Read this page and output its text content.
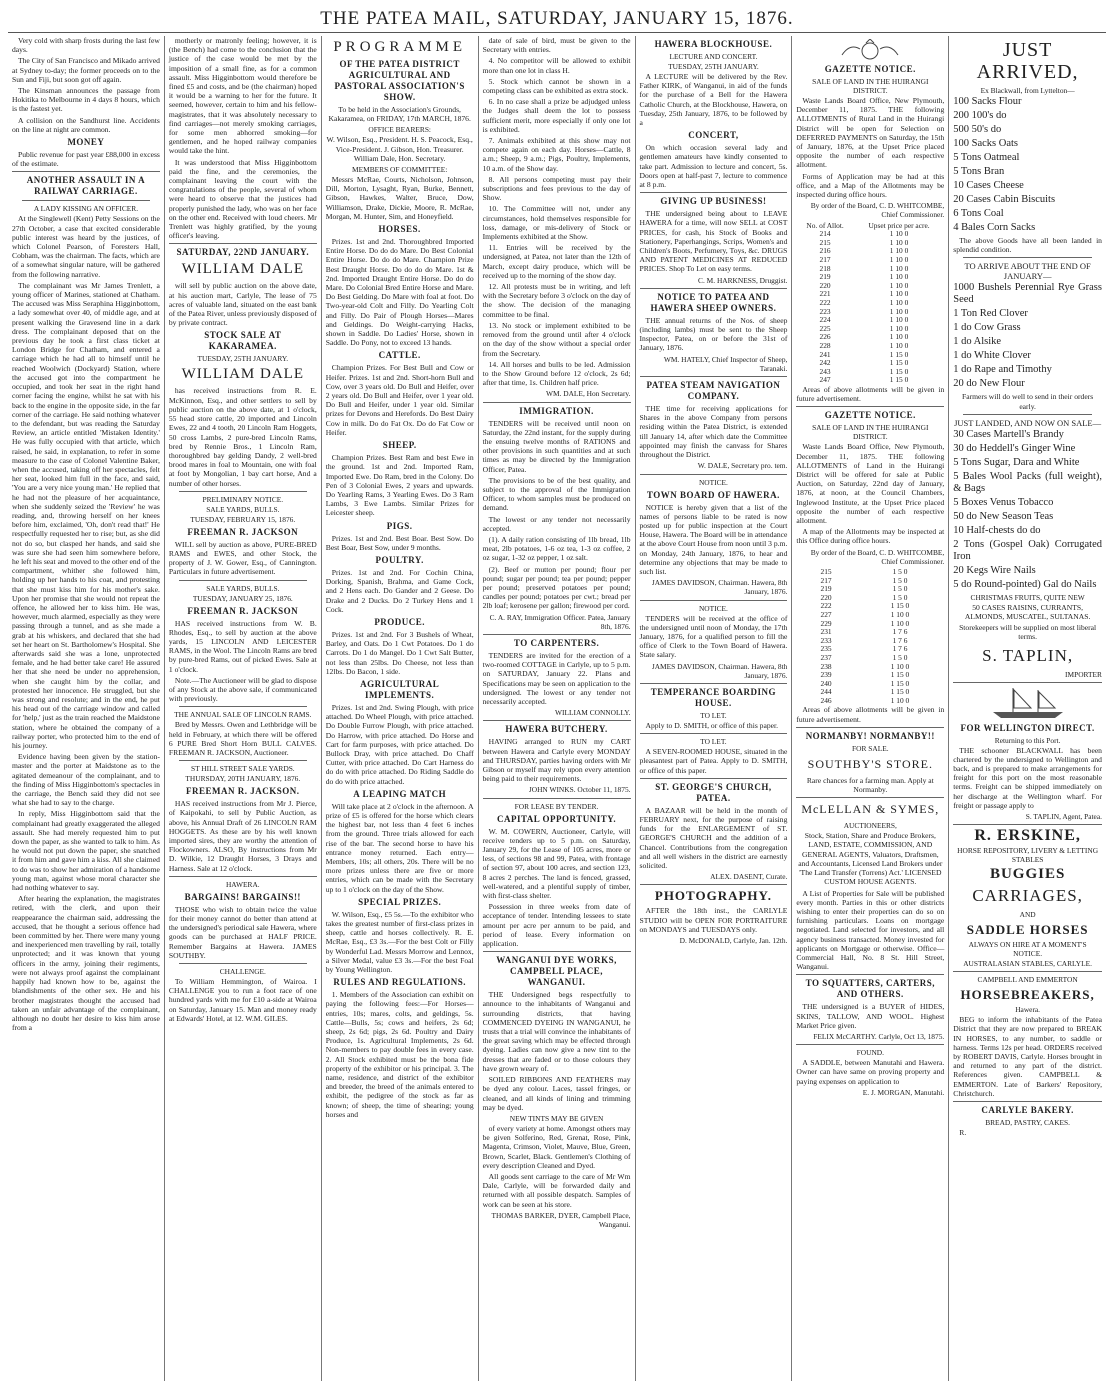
THE PATEA MAIL, SATURDAY, JANUARY 15, 1876.

Very cold with sharp frosts during the last few days.

The City of San Francisco and Mikado arrived at Sydney to-day; the former proceeds on to the Sun and Fiji, but soon got off again.

The Kinsman announces the passage from Hokitika to Melbourne in 4 days 8 hours, which is the fastest yet.

A collision on the Sandhurst line. Accidents on the line at night are common.

MONEY

Public revenue for past year £88,000 in excess of the estimate.

ANOTHER ASSAULT IN A RAILWAY CARRIAGE.
A LADY KISSING AN OFFICER.

At the Singlewell (Kent) Petty Sessions on the 27th October, a case that excited considerable public interest was heard by the justices, of which Colonel Pearson, of Foresters Hall, Cobham, was the chairman. The facts, which are of a somewhat singular nature, will be gathered from the following narrative.

The complainant was Mr James Trenlett, a young officer of Marines, stationed at Chatham. The accused was Miss Seraphina Higginbottom, a lady somewhat over 40, of middle age, and at present walking the Gravesend line in a dark dress. The complainant deposed that on the previous day he took a first class ticket at London Bridge for Chatham, and entered a carriage which he had all to himself until he reached Woolwich (Dockyard) Station, where the accused got into the compartment he occupied, and took her seat in the right hand corner facing the engine, whilst he sat with his back to the engine in the opposite side, in the far corner of the carriage. He said nothing whatever to the defendant, but was reading the Saturday Review, an article entitled 'Mistaken Identity.' He was fully occupied with that article, which raised, he said, in explanation, to refer in some measure to the case of Colonel Valentine Baker, when the accused, taking off her spectacles, felt her seat, looked him full in the face, and said, 'You are a very nice young man.' He replied that he had not the pleasure of her acquaintance, when she suddenly seized the 'Review' he was reading, and, throwing herself on her knees before him, exclaimed, 'Oh, don't read that!' He respectfully requested her to rise; but, as she did not do so, but clasped her hands, and said she was sure she had seen him somewhere before, he left his seat and moved to the other end of the compartment, whither she followed him, holding up her hands to his coat, and protesting that she must kiss him for his mother's sake. Upon her promise that she would not repeat the offence, he allowed her to kiss him. He was, however, much alarmed, especially as they were passing through a tunnel, and as she made a grab at his whiskers, and declared that she had set her heart on St. Bartholomew's Hospital. She afterwards said she was a lone, unprotected female, and he had better take care! He assured her that she need be under no apprehension, when she caught him by the collar, and protested her innocence. He struggled, but she was strong and resolute; and in the end, he put his head out of the carriage window and called for 'help,' just as the train reached the Maidstone station, where he obtained the company of a railway porter, who protected him to the end of his journey.

Evidence having been given by the station-master and the porter at Maidstone as to the agitated demeanour of the complainant, and to the finding of Miss Higginbottom's spectacles in the carriage, the Bench said they did not see what she had to say to the charge.

In reply, Miss Higginbottom said that the complainant had greatly exaggerated the alleged assault. She had merely requested him to put down the paper, as she wanted to talk to him. As he would not put down the paper, she snatched it from him and gave him a kiss. All she claimed to do was to show her admiration of a handsome young man, against whose moral character she had nothing whatever to say.

After hearing the explanation, the magistrates retired, with the clerk, and upon their reappearance the chairman said, addressing the accused, that he thought a serious offence had been committed by her. There were many young and inexperienced men travelling by rail, totally unprotected; and it was known that young officers in the army, joining their regiments, were not always proof against the complainant happily had known how to be, against the blandishments of the other sex. He and his brother magistrates thought the accused had taken an unfair advantage of the complainant, although no doubt her desire to kiss him arose from a

motherly or matronly feeling; however, it is (the Bench) had come to the conclusion that the justice of the case would be met by the imposition of a small fine, as for a common assault. Miss Higginbottom would therefore be fined £5 and costs, and be (the chairman) hoped it would be a warning to her for the future. It seemed, however, certain to him and his fellow-magistrates, that it was absolutely necessary to find carriages—not merely smoking carriages, for some men abhorred smoking—for gentlemen, and he hoped railway companies would take the hint.

It was understood that Miss Higginbottom paid the fine, and the ceremonies, the complainant leaving the court with the congratulations of the people, several of whom were heard to observe that the justices had properly punished the lady, who was on her face on the other end. Received with loud cheers. Mr Trenlett was highly gratified, by the young officer's leaving.

SATURDAY, 22ND JANUARY.
WILLIAM DALE

will sell by public auction on the above date, at his auction mart, Carlyle, The lease of 75 acres of valuable land, situated on the east bank of the Patea River, unless previously disposed of by private contract.

STOCK SALE AT KAKARAMEA.
TUESDAY, 25TH JANUARY.
WILLIAM DALE

has received instructions from R. E. McKinnon, Esq., and other settlers to sell by public auction on the above date, at 1 o'clock, 55 head store cattle, 20 imported and Lincoln Ewes, 22 and 4 tooth, 20 Lincoln Ram Hoggets, 50 cross Lambs, 2 pure-bred Lincoln Rams, bred by Rennie Bros., 1 Lincoln Ram, thoroughbred bay gelding Dandy, 2 well-bred brood mares in foal to Mountain, one with foal at foot by Mongolian, 1 bay cart horse, And a number of other horses.

PRELIMINARY NOTICE.
SALE YARDS, BULLS.
TUESDAY, FEBRUARY 15, 1876.
FREEMAN R. JACKSON

WILL sell by auction as above, PURE-BRED RAMS and EWES, and other Stock, the property of J. W. Gower, Esq., of Cannington. Particulars in future advertisement.

SALE YARDS, BULLS.
TUESDAY, JANUARY 25, 1876.
FREEMAN R. JACKSON

HAS received instructions from W. B. Rhodes, Esq., to sell by auction at the above yards, 15 LINCOLN AND LEICESTER RAMS, in the Wool. The Lincoln Rams are bred by pure-bred Rams, out of picked Ewes. Sale at 1 o'clock.

Note.—The Auctioneer will be glad to dispose of any Stock at the above sale, if communicated with previously.

THE ANNUAL SALE OF LINCOLN RAMS.

Bred by Messrs. Owen and Lethbridge will be held in February, at which there will be offered 6 PURE Bred Short Horn BULL CALVES. FREEMAN R. JACKSON, Auctioneer.

ST HILL STREET SALE YARDS.
THURSDAY, 20TH JANUARY, 1876.
FREEMAN R. JACKSON.

HAS received instructions from Mr J. Pierce, of Kaipokahi, to sell by Public Auction, as above, his Annual Draft of 26 LINCOLN RAM HOGGETS. As these are by his well known imported sires, they are worthy the attention of Flockowners. ALSO, By instructions from Mr D. Wilkie, 12 Draught Horses, 3 Drays and Harness. Sale at 12 o'clock.

HAWERA.
BARGAINS! BARGAINS!!

THOSE who wish to obtain twice the value for their money cannot do better than attend at the undersigned's periodical sale Hawera, where goods can be purchased at HALF PRICE. Remember Bargains at Hawera. JAMES SOUTHBY.

CHALLENGE.

To William Hemmington, of Wairoa. I CHALLENGE you to run a foot race of one hundred yards with me for £10 a-side at Wairoa on Saturday, January 15. Man and money ready at Edwards' Hotel, at 12. W.M. GILES.

PROGRAMME
OF THE PATEA DISTRICT AGRICULTURAL AND PASTORAL ASSOCIATION'S SHOW.

To be held in the Association's Grounds, Kakaramea, on FRIDAY, 17th MARCH, 1876.

OFFICE BEARERS:

W. Wilson, Esq., President. H. S. Peacock, Esq., Vice-President. J. Gibson, Hon. Treasurer. William Dale, Hon. Secretary.

MEMBERS OF COMMITTEE:

Messrs McRae, Courts, Nicholson, Johnson, Dill, Morton, Lysaght, Ryan, Burke, Bennett, Gibson, Hawkes, Walter, Bruce, Dow, Williamson, Drake, Dickie, Moore, R. McRae, Morgan, M. Hunter, Sim, and Honeyfield.

HORSES.

Prizes. 1st and 2nd. Thoroughbred Imported Entire Horse. Do do do Mare. Do Best Colonial Entire Horse. Do do do Mare. Champion Prize Best Draught Horse. Do do do do Mare. 1st & 2nd. Imported Draught Entire Horse. Do do do Mare. Do Colonial Bred Entire Horse and Mare. Do Best Gelding. Do Mare with foal at foot. Do Two-year-old Colt and Filly. Do Yearling Colt and Filly. Do Pair of Plough Horses—Mares and Geldings. Do Weight-carrying Hacks, shown in Saddle. Do Ladies' Horse, shown in Saddle. Do Pony, not to exceed 13 hands.

CATTLE.

Champion Prizes. For Best Bull and Cow or Heifer. Prizes. 1st and 2nd. Short-horn Bull and Cow, over 3 years old. Do Bull and Heifer, over 2 years old. Do Bull and Heifer, over 1 year old. Do Bull and Heifer, under 1 year old. Similar prizes for Devons and Herefords. Do Best Dairy Cow in milk. Do do Fat Ox. Do do Fat Cow or Heifer.

SHEEP.

Champion Prizes. Best Ram and best Ewe in the ground. 1st and 2nd. Imported Ram, Imported Ewe. Do Ram, bred in the Colony. Do Pen of 3 Colonial Ewes, 2 years and upwards. Do Yearling Rams, 3 Yearling Ewes. Do 3 Ram Lambs, 3 Ewe Lambs. Similar Prizes for Leicester sheep.

PIGS.

Prizes. 1st and 2nd. Best Boar. Best Sow. Do Best Boar, Best Sow, under 9 months.

POULTRY.

Prizes. 1st and 2nd. For Cochin China, Dorking, Spanish, Brahma, and Game Cock, and 2 Hens each. Do Gander and 2 Geese. Do Drake and 2 Ducks. Do 2 Turkey Hens and 1 Cock.

PRODUCE.

Prizes. 1st and 2nd. For 3 Bushels of Wheat, Barley, and Oats. Do 1 Cwt Potatoes. Do 1 do Carrots. Do 1 do Mangel. Do 1 Cwt Salt Butter, not less than 25lbs. Do Cheese, not less than 12lbs. Do Bacon, 1 side.

AGRICULTURAL IMPLEMENTS.

Prizes. 1st and 2nd. Swing Plough, with price attached. Do Wheel Plough, with price attached. Do Double Furrow Plough, with price attached. Do Harrow, with price attached. Do Horse and Cart for farm purposes, with price attached. Do Bullock Dray, with price attached. Do Chaff Cutter, with price attached. Do Cart Harness do do do with price attached. Do Riding Saddle do do do with price attached.

A LEAPING MATCH

Will take place at 2 o'clock in the afternoon. A prize of £5 is offered for the horse which clears the highest bar, not less than 4 feet 6 inches from the ground. Three trials allowed for each rise of the bar. The second horse to have his entrance money returned. Each entry—Members, 10s; all others, 20s. There will be no more prizes unless there are five or more entries, which can be made with the Secretary up to 1 o'clock on the day of the Show.

SPECIAL PRIZES.

W. Wilson, Esq., £5 5s.—To the exhibitor who takes the greatest number of first-class prizes in sheep, cattle and horses collectively. R. E. McRae, Esq., £3 3s.—For the best Colt or Filly by Wonderful Lad. Messrs Morrow and Lennox, a Silver Medal, value £3 3s.—For the best Foal by Young Wellington.

RULES AND REGULATIONS.

1. Members of the Association can exhibit on paying the following fees:—For Horses—entries, 10s; mares, colts, and geldings, 5s. Cattle—Bulls, 5s; cows and heifers, 2s 6d; sheep, 2s 6d; pigs, 2s 6d. Poultry and Dairy Produce, 1s. Agricultural Implements, 2s 6d. Non-members to pay double fees in every case. 2. All Stock exhibited must be the bona fide property of the exhibitor or his principal. 3. The name, residence, and district of the exhibitor and breeder, the breed of the animals entered to exhibit, the pedigree of the stock as far as known; of sheep, the time of shearing; young horses and

date of sale of bird, must be given to the Secretary with entries.

4. No competitor will be allowed to exhibit more than one lot in class H.

5. Stock which cannot be shown in a competing class can be exhibited as extra stock.

6. In no case shall a prize be adjudged unless the Judges shall deem the lot to possess sufficient merit, more especially if only one lot is exhibited.

7. Animals exhibited at this show may not compete again on each day. Horses—Cattle, 8 a.m.; Sheep, 9 a.m.; Pigs, Poultry, Implements, 10 a.m. of the Show day.

8. All persons competing must pay their subscriptions and fees previous to the day of Show.

10. The Committee will not, under any circumstances, hold themselves responsible for loss, damage, or mis-delivery of Stock or Implements exhibited at the Show.

11. Entries will be received by the undersigned, at Patea, not later than the 12th of March, except dairy produce, which will be received up to the morning of the show day.

12. All protests must be in writing, and left with the Secretary before 3 o'clock on the day of the show. The decision of the managing committee to be final.

13. No stock or implement exhibited to be removed from the ground until after 4 o'clock on the day of the show without a special order from the Secretary.

14. All horses and bulls to be led. Admission to the Show Ground before 12 o'clock, 2s 6d; after that time, 1s. Children half price.

WM. DALE, Hon Secretary.

IMMIGRATION.

TENDERS will be received until noon on Saturday, the 22nd instant, for the supply during the ensuing twelve months of RATIONS and other provisions in such quantities and at such times as may be directed by the Immigration Officer, Patea.

The provisions to be of the best quality, and subject to the approval of the Immigration Officer, to whom samples must be produced on demand.

The lowest or any tender not necessarily accepted.

(1). A daily ration consisting of 1lb bread, 1lb meat, 2lb potatoes, 1-6 oz tea, 1-3 oz coffee, 2 oz sugar, 1-32 oz pepper, 1 oz salt.

(2). Beef or mutton per pound; flour per pound; sugar per pound; tea per pound; pepper per pound; preserved potatoes per pound; candles per pound; potatoes per cwt.; bread per 2lb loaf; kerosene per gallon; firewood per cord.

C. A. RAY, Immigration Officer. Patea, January 8th, 1876.

TO CARPENTERS.

TENDERS are invited for the erection of a two-roomed COTTAGE in Carlyle, up to 5 p.m. on SATURDAY, January 22. Plans and Specifications may be seen on application to the undersigned. The lowest or any tender not necessarily accepted.

WILLIAM CONNOLLY.

HAWERA BUTCHERY.

HAVING arranged to RUN my CART between Hawera and Carlyle every MONDAY and THURSDAY, parties having orders with Mr Gibson or myself may rely upon every attention being paid to their requirements.

JOHN WINKS. October 11, 1875.

FOR LEASE BY TENDER.
CAPITAL OPPORTUNITY.

W. M. COWERN, Auctioneer, Carlyle, will receive tenders up to 5 p.m. on Saturday, January 29, for the Lease of 105 acres, more or less, of sections 98 and 99, Patea, with frontage of section 97, about 100 acres, and section 123, 8 acres 2 perches. The land is fenced, grassed, well-watered, and a plentiful supply of timber, with first-class shelter.

Possession in three weeks from date of acceptance of tender. Intending lessees to state amount per acre per annum to be paid, and period of lease. Every information on application.

WANGANUI DYE WORKS, CAMPBELL PLACE, WANGANUI.

THE Undersigned begs respectfully to announce to the inhabitants of Wanganui and surrounding districts, that having COMMENCED DYEING IN WANGANUI, he trusts that a trial will convince the inhabitants of the great saving which may be effected through dyeing. Ladies can now give a new tint to the dresses that are faded or to those colours they have grown weary of.

SOILED RIBBONS AND FEATHERS may be dyed any colour. Laces, tassel fringes, or cleaned, and all kinds of lining and trimming may be dyed.

NEW TINTS MAY BE GIVEN

of every variety at home. Amongst others may be given Solferino, Red, Grenat, Rose, Pink, Magenta, Crimson, Violet, Mauve, Blue, Green, Brown, Scarlet, Black. Gentlemen's Clothing of every description Cleaned and Dyed.

All goods sent carriage to the care of Mr Wm Dale, Carlyle, will be forwarded daily and returned with all possible despatch. Samples of work can be seen at his store.

THOMAS BARKER, DYER, Campbell Place, Wanganui.

HAWERA BLOCKHOUSE.
LECTURE AND CONCERT.
TUESDAY, 25TH JANUARY.

A LECTURE will be delivered by the Rev. Father KIRK, of Wanganui, in aid of the funds for the purchase of a Bell for the Hawera Catholic Church, at the Blockhouse, Hawera, on Tuesday, 25th January, 1876, to be followed by a

CONCERT,

On which occasion several lady and gentlemen amateurs have kindly consented to take part. Admission to lecture and concert, 5s. Doors open at half-past 7, lecture to commence at 8 p.m.

GIVING UP BUSINESS!

THE undersigned being about to LEAVE HAWERA for a time, will now SELL at COST PRICES, for cash, his Stock of Books and Stationery, Paperhangings, Scrips, Women's and Children's Boots, Perfumery, Toys, &c. DRUGS AND PATENT MEDICINES AT REDUCED PRICES. Shop To Let on easy terms.

C. M. HARKNESS, Druggist.

NOTICE TO PATEA AND HAWERA SHEEP OWNERS.

THE annual returns of the Nos. of sheep (including lambs) must be sent to the Sheep Inspector, Patea, on or before the 31st of January, 1876.

WM. HATELY, Chief Inspector of Sheep, Taranaki.

PATEA STEAM NAVIGATION COMPANY.

THE time for receiving applications for Shares in the above Company from persons residing within the Patea District, is extended till January 14, after which date the Committee appointed may finish the canvass for Shares throughout the District.

W. DALE, Secretary pro. tem.

NOTICE.
TOWN BOARD OF HAWERA.

NOTICE is hereby given that a list of the names of persons liable to be rated is now posted up for public inspection at the Court House, Hawera. The Board will be in attendance at the above Court House from noon until 3 p.m. on Monday, 24th January, 1876, to hear and determine any objections that may be made to such list.

JAMES DAVIDSON, Chairman. Hawera, 8th January, 1876.

NOTICE.

TENDERS will be received at the office of the undersigned until noon of Monday, the 17th January, 1876, for a qualified person to fill the office of Clerk to the Town Board of Hawera. State salary.

JAMES DAVIDSON, Chairman. Hawera, 8th January, 1876.

TEMPERANCE BOARDING HOUSE.
TO LET.

Apply to D. SMITH, or office of this paper.

TO LET.

A SEVEN-ROOMED HOUSE, situated in the pleasantest part of Patea. Apply to D. SMITH, or office of this paper.

ST. GEORGE'S CHURCH, PATEA.

A BAZAAR will be held in the month of FEBRUARY next, for the purpose of raising funds for the ENLARGEMENT of ST. GEORGE'S CHURCH and the addition of a Chancel. Contributions from the congregation and all well wishers in the district are earnestly solicited.

ALEX. DASENT, Curate.

PHOTOGRAPHY.

AFTER the 18th inst., the CARLYLE STUDIO will be OPEN FOR PORTRAITURE on MONDAYS and TUESDAYS only.

D. McDONALD, Carlyle, Jan. 12th.

GAZETTE NOTICE.
SALE OF LAND IN THE HUIRANGI DISTRICT.

Waste Lands Board Office, New Plymouth, December 11, 1875. THE following ALLOTMENTS of Rural Land in the Huirangi District will be open for Selection on DEFERRED PAYMENTS on Saturday, the 15th of January, 1876, at the Upset Price placed opposite the number of each respective allotment.

Forms of Application may be had at this office, and a Map of the Allotments may be inspected during office hours.

By order of the Board, C. D. WHITCOMBE, Chief Commissioner.

No. of Allot.	Upset price per acre.
214	1 10 0
215	1 10 0
216	1 10 0
217	1 10 0
218	1 10 0
219	1 10 0
220	1 10 0
221	1 10 0
222	1 10 0
223	1 10 0
224	1 10 0
225	1 10 0
226	1 10 0
228	1 10 0
241	1 15 0
242	1 15 0
243	1 15 0
247	1 15 0

Areas of above allotments will be given in future advertisement.

GAZETTE NOTICE.
SALE OF LAND IN THE HUIRANGI DISTRICT.

Waste Lands Board Office, New Plymouth, December 11, 1875. THE following ALLOTMENTS of Land in the Huirangi District will be offered for sale at Public Auction, on Saturday, 22nd day of January, 1876, at noon, at the Council Chambers, Inglewood Institute, at the Upset Price placed opposite the number of each respective allotment.

A map of the Allotments may be inspected at this Office during office hours.

By order of the Board, C. D. WHITCOMBE, Chief Commissioner.

215	1 5 0
217	1 5 0
219	1 5 0
220	1 5 0
222	1 15 0
227	1 10 0
229	1 10 0
231	1 7 6
233	1 7 6
235	1 7 6
237	1 5 0
238	1 10 0
239	1 15 0
240	1 15 0
244	1 15 0
246	1 10 0

Areas of above allotments will be given in future advertisement.

NORMANBY! NORMANBY!!
FOR SALE.
SOUTHBY'S STORE.

Rare chances for a farming man. Apply at Normanby.

McLELLAN & SYMES,
AUCTIONEERS,

Stock, Station, Share and Produce Brokers, LAND, ESTATE, COMMISSION, AND GENERAL AGENTS, Valuators, Draftsmen, and Accountants, Licensed Land Brokers under 'The Land Transfer (Torrens) Act.' LICENSED CUSTOM HOUSE AGENTS.

A List of Properties for Sale will be published every month. Parties in this or other districts wishing to enter their properties can do so on furnishing particulars. Loans on mortgage negotiated. Land selected for investors, and all agency business transacted. Money invested for applicants on Mortgage or otherwise. Office—Commercial Hall, No. 8 St. Hill Street, Wanganui.

TO SQUATTERS, CARTERS, AND OTHERS.

THE undersigned is a BUYER of HIDES, SKINS, TALLOW, AND WOOL. Highest Market Price given.

FELIX McCARTHY. Carlyle, Oct 13, 1875.

FOUND.

A SADDLE, between Manutahi and Hawera. Owner can have same on proving property and paying expenses on application to

E. J. MORGAN, Manutahi.

JUST ARRIVED,
Ex Blackwall, from Lyttelton—

100 Sacks Flour

200 100's do

500 50's do

100 Sacks Oats

5 Tons Oatmeal

5 Tons Bran

10 Cases Cheese

20 Cases Cabin Biscuits

6 Tons Coal

4 Bales Corn Sacks

The above Goods have all been landed in splendid condition.

TO ARRIVE ABOUT THE END OF JANUARY—

1000 Bushels Perennial Rye Grass Seed

1 Ton Red Clover

1 do Cow Grass

1 do Alsike

1 do White Clover

1 do Rape and Timothy

20 do New Flour

Farmers will do well to send in their orders early.

JUST LANDED, AND NOW ON SALE—

30 Cases Martell's Brandy

30 do Heddell's Ginger Wine

5 Tons Sugar, Dara and White

5 Bales Wool Packs (full weight), & Bags

5 Boxes Venus Tobacco

50 do New Season Teas

10 Half-chests do do

2 Tons (Gospel Oak) Corrugated Iron

20 Kegs Wire Nails

5 do Round-pointed) Gal do Nails

CHRISTMAS FRUITS, QUITE NEW

50 CASES RAISINS, CURRANTS, ALMONDS, MUSCATEL, SULTANAS.

Storekeepers will be supplied on most liberal terms.

S. TAPLIN,
IMPORTER
FOR WELLINGTON DIRECT.
Returning to this Port.

THE schooner BLACKWALL has been chartered by the undersigned to Wellington and back, and is prepared to make arrangements for freight for this port on the most reasonable terms. Freight can be shipped immediately on her discharge at the Wellington wharf. For freight or passage apply to

S. TAPLIN, Agent, Patea.

R. ERSKINE,
HORSE REPOSITORY, LIVERY & LETTING STABLES
BUGGIES
CARRIAGES,
AND
SADDLE HORSES
ALWAYS ON HIRE AT A MOMENT'S NOTICE.
AUSTRALASIAN STABLES, CARLYLE.
CAMPBELL AND EMMERTON
HORSEBREAKERS,
Hawera.

BEG to inform the inhabitants of the Patea District that they are now prepared to BREAK IN HORSES, to any number, to saddle or harness. Terms 12s per head. ORDERS received by ROBERT DAVIS, Carlyle. Horses brought in and returned to any part of the district. References given. CAMPBELL & EMMERTON. Late of Barkers' Repository, Christchurch.

CARLYLE BAKERY.
BREAD, PASTRY, CAKES.

R.
